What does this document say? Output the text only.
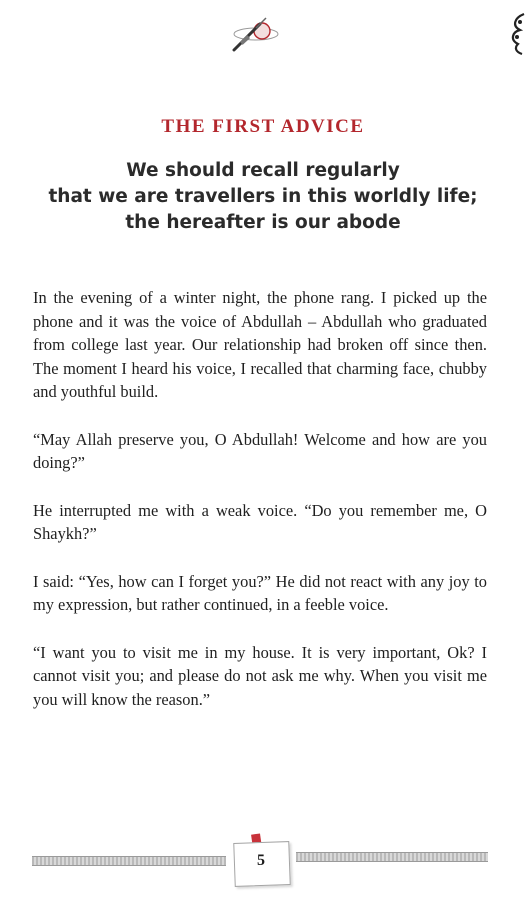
THE FIRST ADVICE
We should recall regularly
that we are travellers in this worldly life;
the hereafter is our abode

In the evening of a winter night, the phone rang. I picked up the phone and it was the voice of Abdullah – Abdullah who graduated from college last year. Our relationship had broken off since then. The moment I heard his voice, I recalled that charming face, chubby and youthful build.

“May Allah preserve you, O Abdullah! Welcome and how are you doing?”

He interrupted me with a weak voice. “Do you remember me, O Shaykh?”

I said: “Yes, how can I forget you?” He did not react with any joy to my expression, but rather continued, in a feeble voice.

“I want you to visit me in my house. It is very important, Ok? I cannot visit you; and please do not ask me why. When you visit me you will know the reason.”

5
